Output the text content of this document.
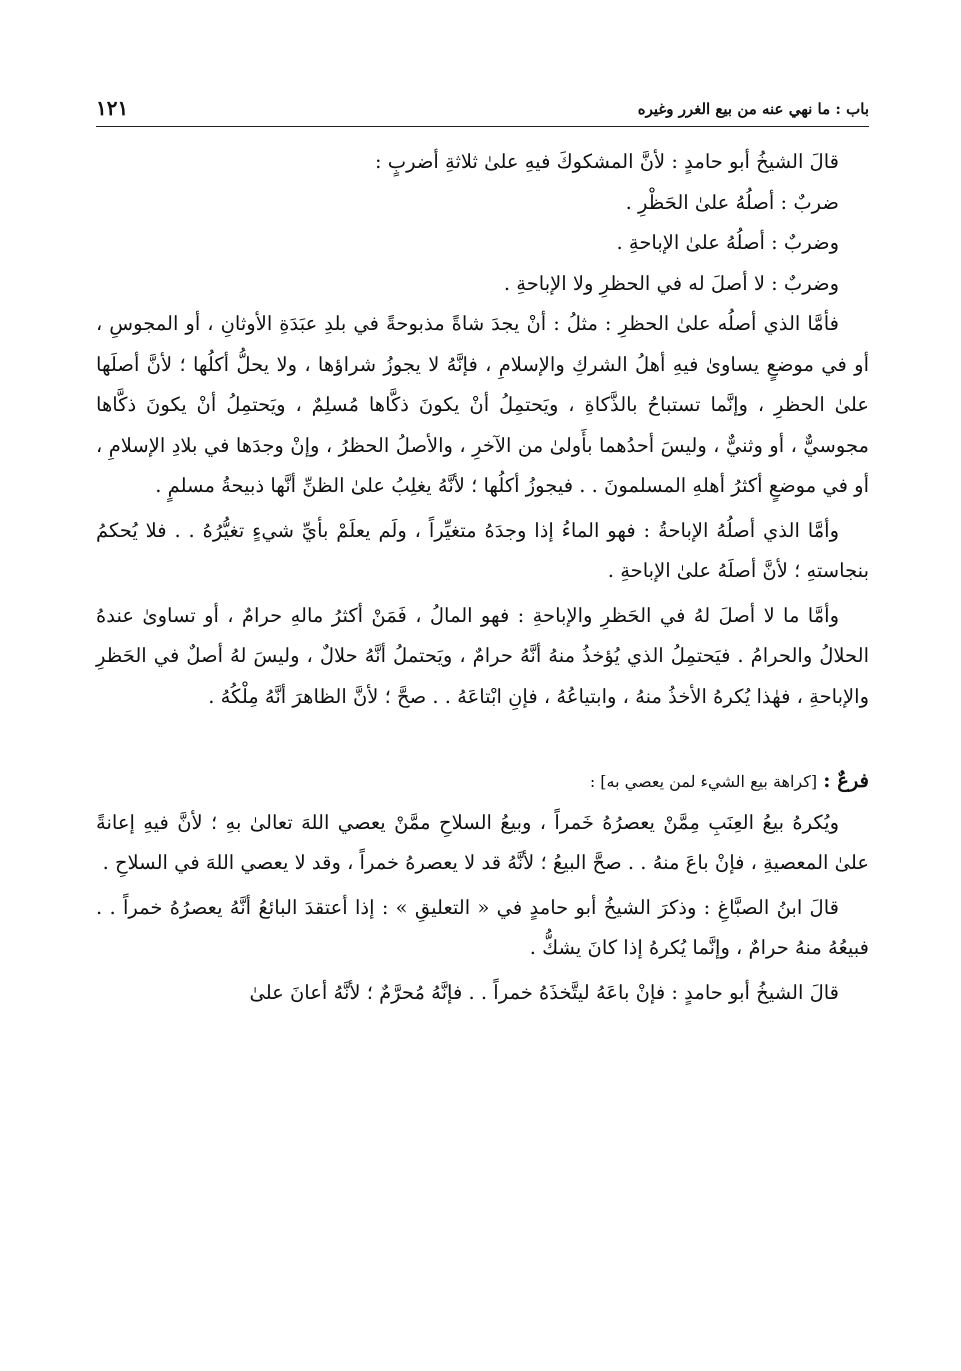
باب : ما نهي عنه من بيع الغرر وغيره
١٢١

قالَ الشيخُ أبو حامدٍ : لأنَّ المشكوكَ فيهِ علىٰ ثلاثةِ أضربٍ :

ضربٌ : أصلُهُ علىٰ الحَظْرِ .

وضربٌ : أصلُهُ علىٰ الإباحةِ .

وضربٌ : لا أصلَ له في الحظرِ ولا الإباحةِ .

فأمَّا الذي أصلُه علىٰ الحظرِ : مثلُ : أنْ يجدَ شاةً مذبوحةً في بلدِ عبَدَةِ الأوثانِ ، أو المجوسِ ، أو في موضعٍ يساوىٰ فيهِ أهلُ الشركِ والإسلامِ ، فإنَّهُ لا يجوزُ شراؤها ، ولا يحلُّ أكلُها ؛ لأنَّ أصلَها علىٰ الحظرِ ، وإنَّما تستباحُ بالذَّكاةِ ، ويَحتمِلُ أنْ يكونَ ذكَّاها مُسلِمٌ ، ويَحتمِلُ أنْ يكونَ ذكَّاها مجوسيٌّ ، أو وثنيٌّ ، وليسَ أحدُهما بأَولىٰ من الآخرِ ، والأصلُ الحظرُ ، وإنْ وجدَها في بلادِ الإسلامِ ، أو في موضعٍ أكثرُ أهلهِ المسلمونَ . . فيجوزُ أكلُها ؛ لأنَّهُ يغلِبُ علىٰ الظنِّ أنَّها ذبيحةُ مسلمٍ .

وأمَّا الذي أصلُهُ الإباحةُ : فهو الماءُ إذا وجدَهُ متغيِّراً ، ولَم يعلَمْ بأيِّ شيءٍ تغيُّرُهُ . . فلا يُحكمُ بنجاستهِ ؛ لأنَّ أصلَهُ علىٰ الإباحةِ .

وأمَّا ما لا أصلَ لهُ في الحَظرِ والإباحةِ : فهو المالُ ، فَمَنْ أكثرُ مالهِ حرامٌ ، أو تساوىٰ عندهُ الحلالُ والحرامُ . فيَحتمِلُ الذي يُؤخذُ منهُ أنَّهُ حرامٌ ، ويَحتملُ أنَّهُ حلالٌ ، وليسَ لهُ أصلٌ في الحَظرِ والإباحةِ ، فهٰذا يُكرهُ الأخذُ منهُ ، وابتياعُهُ ، فإنِ ابْتاعَهُ . . صحَّ ؛ لأنَّ الظاهرَ أنَّهُ مِلْكُهُ .

فرعٌ : [كراهة بيع الشيء لمن يعصي به] :

ويُكرهُ بيعُ العِنَبِ مِمَّنْ يعصرُهُ خَمراً ، وبيعُ السلاحِ ممَّنْ يعصي اللهَ تعالىٰ بهِ ؛ لأنَّ فيهِ إعانةً علىٰ المعصيةِ ، فإنْ باعَ منهُ . . صحَّ البيعُ ؛ لأنَّهُ قد لا يعصرهُ خمراً ، وقد لا يعصي اللهَ في السلاحِ .

قالَ ابنُ الصبَّاغِ : وذكرَ الشيخُ أبو حامدٍ في « التعليقِ » : إذا أعتقدَ البائعُ أنَّهُ يعصرُهُ خمراً . . فبيعُهُ منهُ حرامٌ ، وإنَّما يُكرهُ إذا كانَ يشكُّ .

قالَ الشيخُ أبو حامدٍ : فإنْ باعَهُ ليتَّخذَهُ خمراً . . فإنَّهُ مُحرَّمٌ ؛ لأنَّهُ أعانَ علىٰ
